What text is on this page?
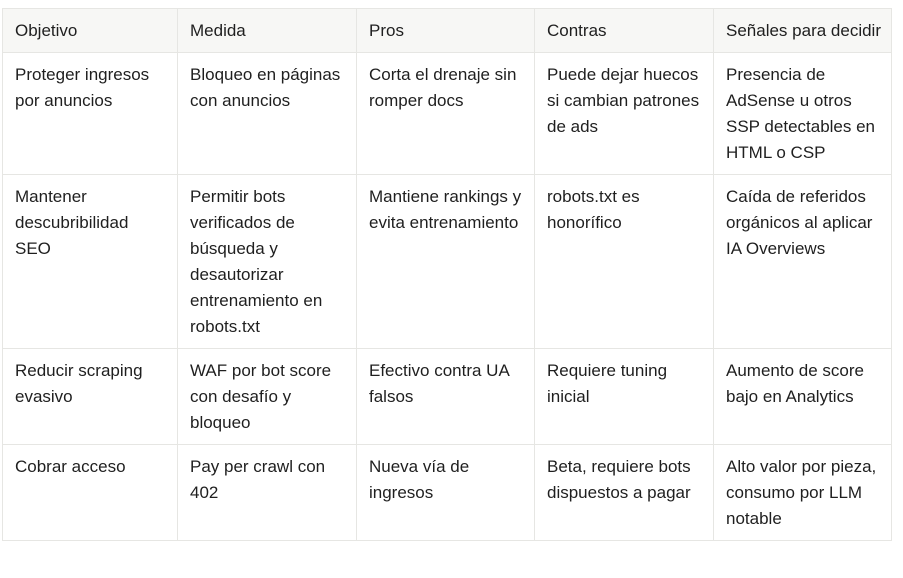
Objetivo	Medida	Pros	Contras	Señales para decidir
Proteger ingresos por anuncios	Bloqueo en páginas con anuncios	Corta el drenaje sin romper docs	Puede dejar huecos si cambian patrones de ads	Presencia de AdSense u otros SSP detectables en HTML o CSP
Mantener descubribilidad SEO	Permitir bots verificados de búsqueda y desautorizar entrenamiento en robots.txt	Mantiene rankings y evita entrenamiento	robots.txt es honorífico	Caída de referidos orgánicos al aplicar IA Overviews
Reducir scraping evasivo	WAF por bot score con desafío y bloqueo	Efectivo contra UA falsos	Requiere tuning inicial	Aumento de score bajo en Analytics
Cobrar acceso	Pay per crawl con 402	Nueva vía de ingresos	Beta, requiere bots dispuestos a pagar	Alto valor por pieza, consumo por LLM notable
